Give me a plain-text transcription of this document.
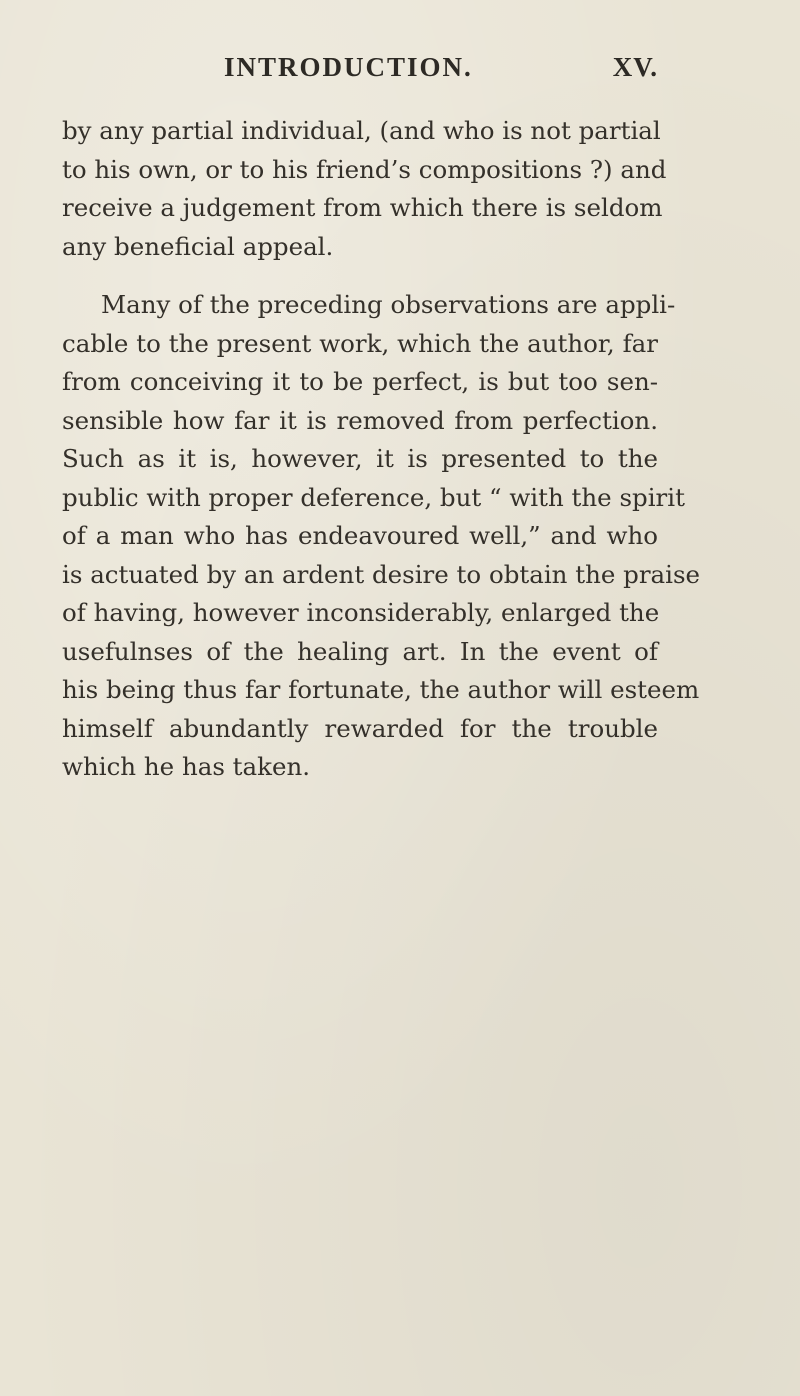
INTRODUCTION.	XV.
by any partial individual, (and who is not partial
to his own, or to his friend’s compositions ?) and
receive a judgement from which there is seldom
any beneficial appeal.
Many of the preceding observations are appli-
cable to the present work, which the author, far
from conceiving it to be perfect, is but too sen-
sensible how far it is removed from perfection.
Such as it is, however, it is presented to the
public with proper deference, but “ with the spirit
of a man who has endeavoured well,” and who
is actuated by an ardent desire to obtain the praise
of having, however inconsiderably, enlarged the
usefulnses of the healing art. In the event of
his being thus far fortunate, the author will esteem
himself abundantly rewarded for the trouble
which he has taken.
